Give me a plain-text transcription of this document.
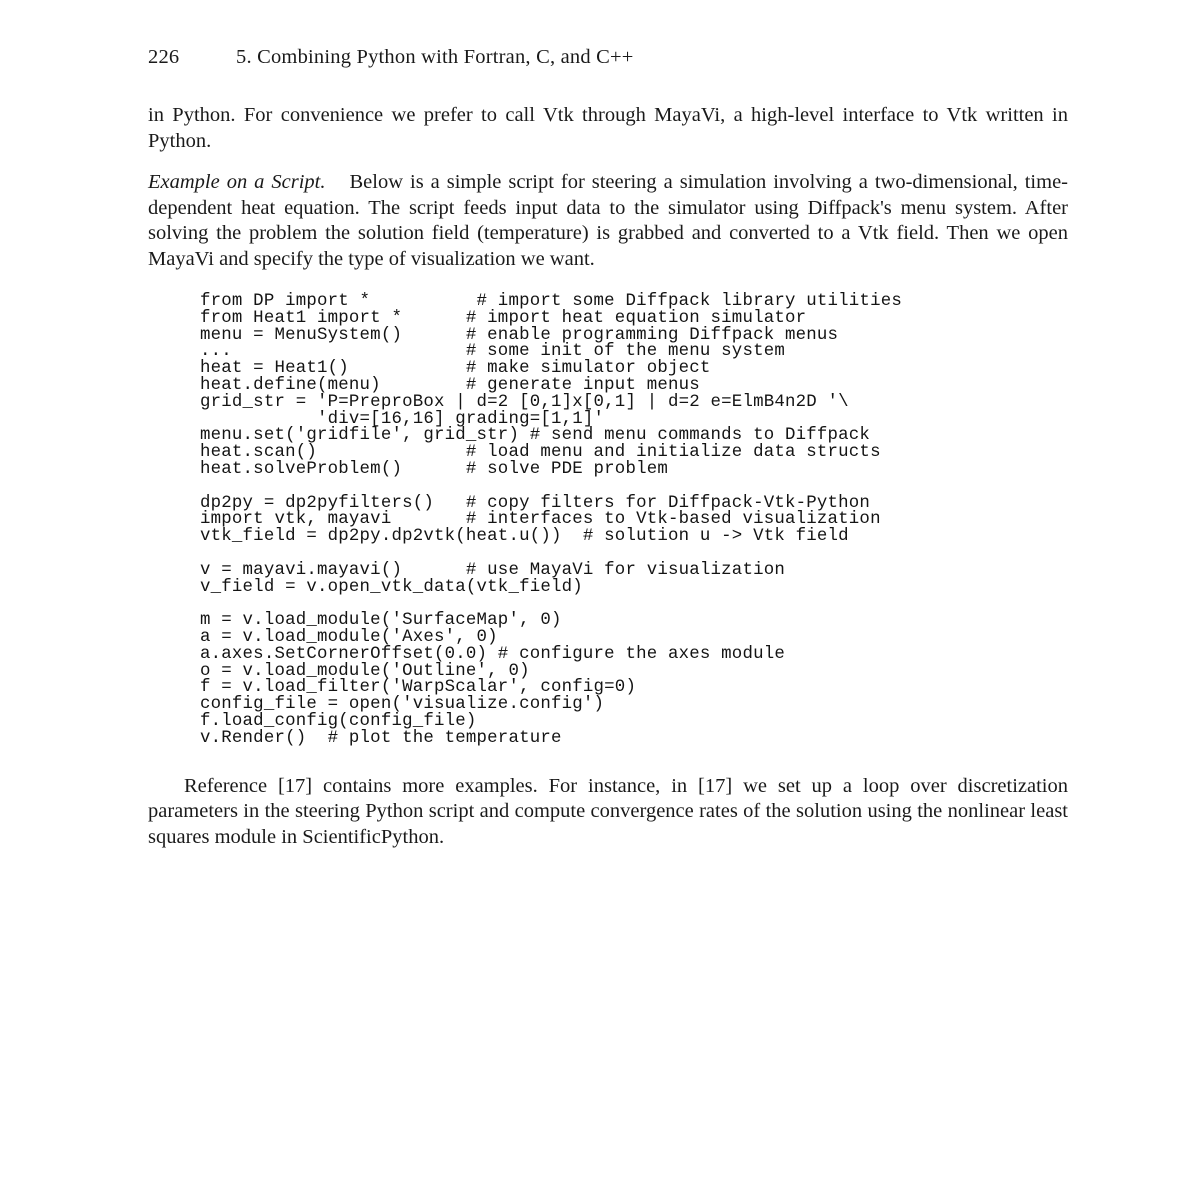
226	5. Combining Python with Fortran, C, and C++

in Python. For convenience we prefer to call Vtk through MayaVi, a high-level interface to Vtk written in Python.

Example on a Script. Below is a simple script for steering a simulation involving a two-dimensional, time-dependent heat equation. The script feeds input data to the simulator using Diffpack's menu system. After solving the problem the solution field (temperature) is grabbed and converted to a Vtk field. Then we open MayaVi and specify the type of visualization we want.

from DP import *          # import some Diffpack library utilities
from Heat1 import *      # import heat equation simulator
menu = MenuSystem()      # enable programming Diffpack menus
...                      # some init of the menu system
heat = Heat1()           # make simulator object
heat.define(menu)        # generate input menus
grid_str = 'P=PreproBox | d=2 [0,1]x[0,1] | d=2 e=ElmB4n2D '\
'div=[16,16] grading=[1,1]'
menu.set('gridfile', grid_str) # send menu commands to Diffpack
heat.scan()              # load menu and initialize data structs
heat.solveProblem()      # solve PDE problem
dp2py = dp2pyfilters()   # copy filters for Diffpack-Vtk-Python
import vtk, mayavi       # interfaces to Vtk-based visualization
vtk_field = dp2py.dp2vtk(heat.u())  # solution u -> Vtk field
v = mayavi.mayavi()      # use MayaVi for visualization
v_field = v.open_vtk_data(vtk_field)
m = v.load_module('SurfaceMap', 0)
a = v.load_module('Axes', 0)
a.axes.SetCornerOffset(0.0) # configure the axes module
o = v.load_module('Outline', 0)
f = v.load_filter('WarpScalar', config=0)
config_file = open('visualize.config')
f.load_config(config_file)
v.Render()  # plot the temperature

Reference [17] contains more examples. For instance, in [17] we set up a loop over discretization parameters in the steering Python script and compute convergence rates of the solution using the nonlinear least squares module in ScientificPython.
